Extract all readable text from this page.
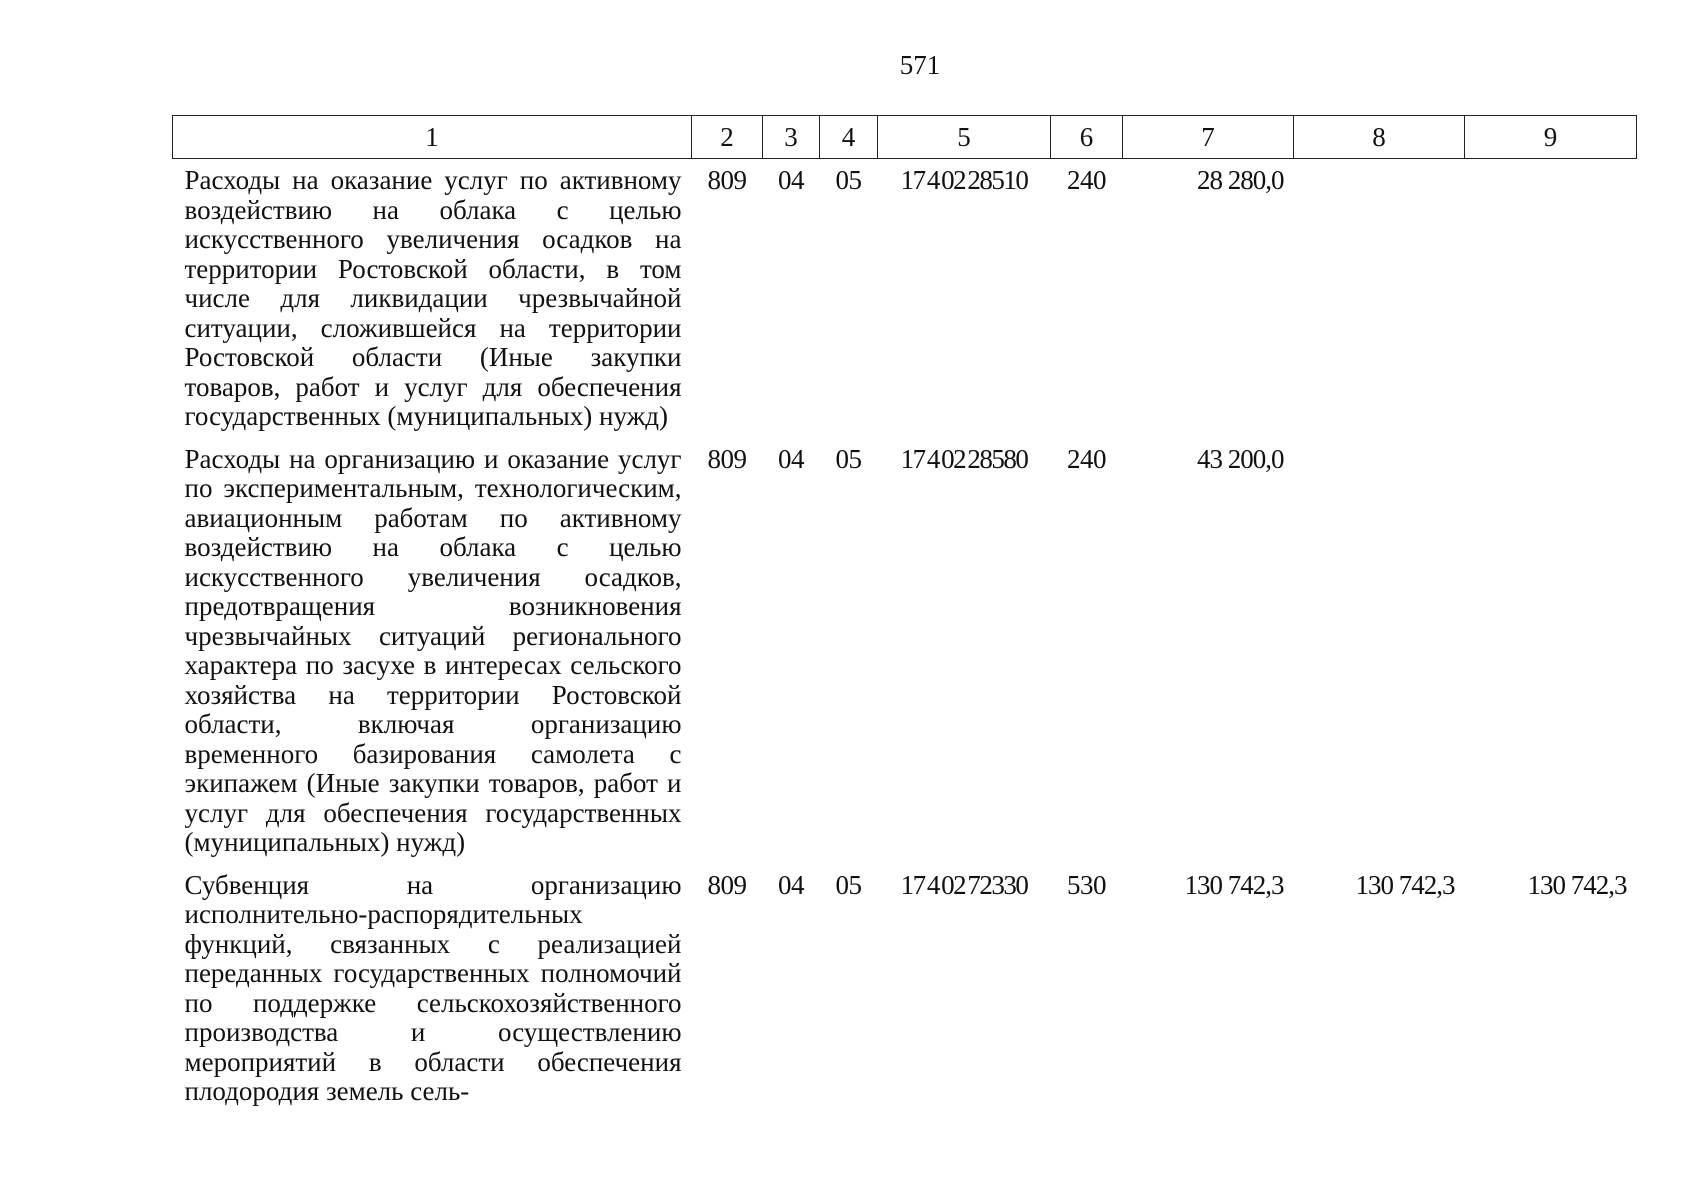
571
1	2	3	4	5	6	7	8	9
Расходы на оказание услуг по активному воздействию на облака с целью искусственного увеличения осадков на территории Ростовской области, в том числе для ликвидации чрезвычайной ситуации, сложившейся на территории Ростовской области (Иные закупки товаров, работ и услуг для обеспечения государственных (муниципальных) нужд)	809	04	05	17 4 02 28510	240	28 280,0		
Расходы на организацию и оказание услуг по экспериментальным, технологическим, авиационным работам по активному воздействию на облака с целью искусственного увеличения осадков, предотвращения возникновения чрезвычайных ситуаций регионального характера по засухе в интересах сельского хозяйства на территории Ростовской области, включая организацию временного базирования самолета с экипажем (Иные закупки товаров, работ и услуг для обеспечения государственных (муниципальных) нужд)	809	04	05	17 4 02 28580	240	43 200,0		
Субвенция на организацию исполнительно-распорядительных функций, связанных с реализацией переданных государственных полномочий по поддержке сельскохозяйственного производства и осуществлению мероприятий в области обеспечения плодородия земель сель-	809	04	05	17 4 02 72330	530	130 742,3	130 742,3	130 742,3
